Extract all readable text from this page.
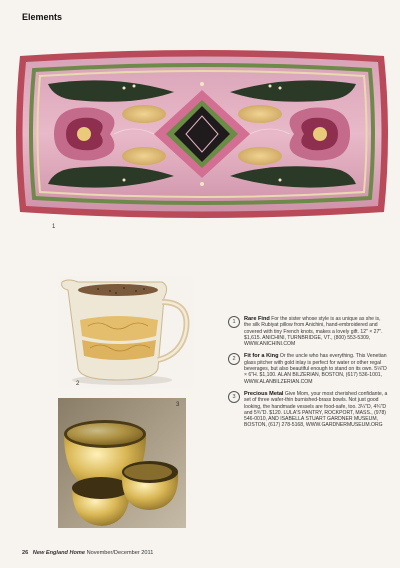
Elements
1
2
3
1	Rare Find For the sister whose style is as unique as she is, the silk Rubiyat pillow from Anichini, hand-embroidered and covered with tiny French knots, makes a lovely gift. 12" × 27". $1,615. ANICHINI, TURNBRIDGE, VT., (800) 553-5309, WWW.ANICHINI.COM
2	Fit for a King Or the uncle who has everything. This Venetian glass pitcher with gold inlay is perfect for water or other regal beverages, but also beautiful enough to stand on its own. 5⅛"D × 6"H. $1,100. ALAN BILZERIAN, BOSTON, (617) 536-1001, WWW.ALANBILZERIAN.COM
3	Precious Metal Give Mom, your most cherished confidante, a set of three wafer-thin burnished-brass bowls. Not just good looking, the handmade vessels are food-safe, too. 3¼"D, 4¾"D and 5¾"D. $120. LULA'S PANTRY, ROCKPORT, MASS., (978) 546-0010, AND ISABELLA STUART GARDNER MUSEUM, BOSTON, (617) 278-5168, WWW.GARDNERMUSEUM.ORG
26 New England Home November/December 2011
